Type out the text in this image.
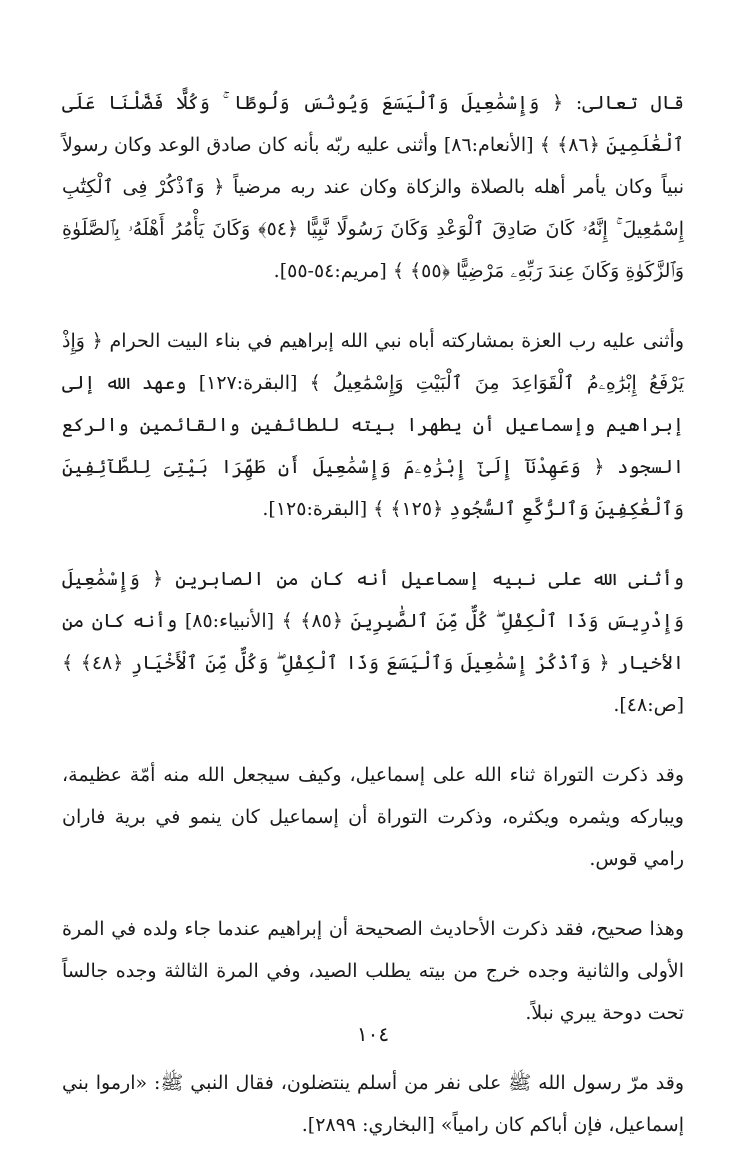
قال تعالى: ﴿ وَإِسْمَٰعِيلَ وَٱلْيَسَعَ وَيُونُسَ وَلُوطًا ۚ وَكُلًّا فَضَّلْنَا عَلَى ٱلْعَٰلَمِينَ ﴿٨٦﴾ ﴾ [الأنعام:٨٦] وأثنى عليه ربّه بأنه كان صادق الوعد وكان رسولاً نبياً وكان يأمر أهله بالصلاة والزكاة وكان عند ربه مرضياً ﴿ وَٱذْكُرْ فِى ٱلْكِتَٰبِ إِسْمَٰعِيلَ ۚ إِنَّهُۥ كَانَ صَادِقَ ٱلْوَعْدِ وَكَانَ رَسُولًا نَّبِيًّا ﴿٥٤﴾ وَكَانَ يَأْمُرُ أَهْلَهُۥ بِٱلصَّلَوٰةِ وَٱلزَّكَوٰةِ وَكَانَ عِندَ رَبِّهِۦ مَرْضِيًّا ﴿٥٥﴾ ﴾ [مريم:٥٤-٥٥].

وأثنى عليه رب العزة بمشاركته أباه نبي الله إبراهيم في بناء البيت الحرام ﴿ وَإِذْ يَرْفَعُ إِبْرَٰهِۦمُ ٱلْقَوَاعِدَ مِنَ ٱلْبَيْتِ وَإِسْمَٰعِيلُ ﴾ [البقرة:١٢٧] وعهد الله إلى إبراهيم وإسماعيل أن يطهرا بيته للطائفين والقائمين والركع السجود ﴿ وَعَهِدْنَآ إِلَىٰٓ إِبْرَٰهِۦمَ وَإِسْمَٰعِيلَ أَن طَهِّرَا بَيْتِىَ لِلطَّآئِفِينَ وَٱلْعَٰكِفِينَ وَٱلرُّكَّعِ ٱلسُّجُودِ ﴿١٢٥﴾ ﴾ [البقرة:١٢٥].

وأثنى الله على نبيه إسماعيل أنه كان من الصابرين ﴿ وَإِسْمَٰعِيلَ وَإِدْرِيسَ وَذَا ٱلْكِفْلِ ۖ كُلٌّ مِّنَ ٱلصَّٰبِرِينَ ﴿٨٥﴾ ﴾ [الأنبياء:٨٥] وأنه كان من الأخيار ﴿ وَٱذْكُرْ إِسْمَٰعِيلَ وَٱلْيَسَعَ وَذَا ٱلْكِفْلِ ۖ وَكُلٌّ مِّنَ ٱلْأَخْيَارِ ﴿٤٨﴾ ﴾ [ص:٤٨].

وقد ذكرت التوراة ثناء الله على إسماعيل، وكيف سيجعل الله منه أمّة عظيمة، ويباركه ويثمره ويكثره، وذكرت التوراة أن إسماعيل كان ينمو في برية فاران رامي قوس.

وهذا صحيح، فقد ذكرت الأحاديث الصحيحة أن إبراهيم عندما جاء ولده في المرة الأولى والثانية وجده خرج من بيته يطلب الصيد، وفي المرة الثالثة وجده جالساً تحت دوحة يبري نبلاً.

وقد مرّ رسول الله ﷺ على نفر من أسلم ينتضلون، فقال النبي ﷺ: «ارموا بني إسماعيل، فإن أباكم كان رامياً» [البخاري: ٢٨٩٩].

١٠٤
